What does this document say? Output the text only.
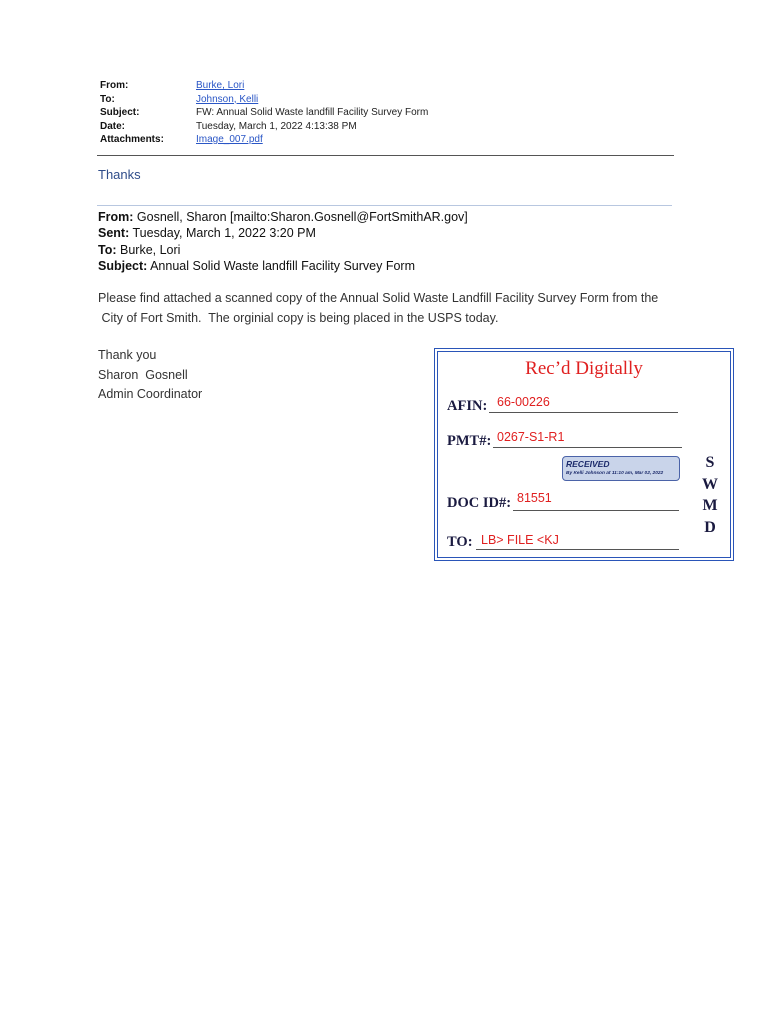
From:	Burke, Lori
To:	Johnson, Kelli
Subject:	FW: Annual Solid Waste landfill Facility Survey Form
Date:	Tuesday, March 1, 2022 4:13:38 PM
Attachments:	Image_007.pdf
Thanks
From: Gosnell, Sharon [mailto:Sharon.Gosnell@FortSmithAR.gov]
Sent: Tuesday, March 1, 2022 3:20 PM
To: Burke, Lori
Subject: Annual Solid Waste landfill Facility Survey Form
Please find attached a scanned copy of the Annual Solid Waste Landfill Facility Survey Form from the
City of Fort Smith.  The orginial copy is being placed in the USPS today.
Thank you
Sharon  Gosnell
Admin Coordinator
Rec’d Digitally
AFIN: 66-00226
PMT#: 0267-S1-R1
RECEIVED
By Kelli Johnson at 11:10 am, Mar 02, 2022
DOC ID#: 81551
TO: LB> FILE <KJ
S
W
M
D
